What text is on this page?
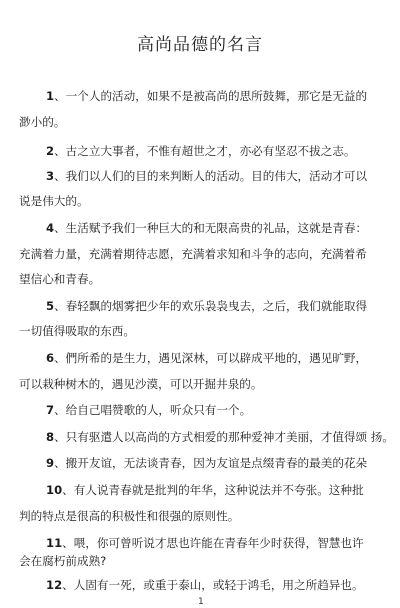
高尚品德的名言
1、一个人的活动，如果不是被高尚的思所鼓舞，那它是无益的
渺小的。
2、古之立大事者，不惟有超世之才，亦必有坚忍不拔之志。
3、我们以人们的目的来判断人的活动。目的伟大，活动才可以
说是伟大的。
4、生活赋予我们一种巨大的和无限高贵的礼品，这就是青春：
充满着力量，充满着期待志愿，充满着求知和斗争的志向，充满着希
望信心和青春。
5、春轻飘的烟雾把少年的欢乐袅袅曳去，之后，我们就能取得
一切值得吸取的东西。
6、們所希的是生力，遇见深林，可以辟成平地的，遇见旷野，
可以栽种树木的，遇见沙漠，可以开掘井泉的。
7、给自己唱赞歌的人，听众只有一个。
8、只有驱遣人以高尚的方式相爱的那种爱神才美丽，才值得颂 扬。
9、搬开友谊，无法谈青春，因为友谊是点缀青春的最美的花朵
10、有人说青春就是批判的年华，这种说法并不夸张。这种批
判的特点是很高的积极性和很强的原则性。
11、喂，你可曾听说才思也许能在青春年少时获得，智慧也许
会在腐朽前成熟?
12、人固有一死，或重于泰山，或轻于鸿毛，用之所趋异也。
1
